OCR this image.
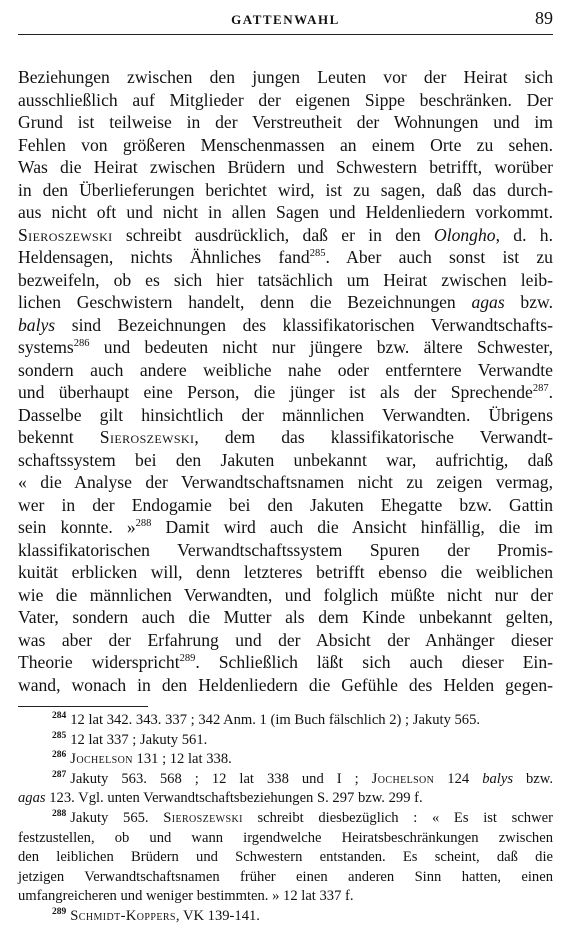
GATTENWAHL	89
Beziehungen zwischen den jungen Leuten vor der Heirat sich
ausschließlich auf Mitglieder der eigenen Sippe beschränken. Der
Grund ist teilweise in der Verstreutheit der Wohnungen und im
Fehlen von größeren Menschenmassen an einem Orte zu sehen.
Was die Heirat zwischen Brüdern und Schwestern betrifft, worüber
in den Überlieferungen berichtet wird, ist zu sagen, daß das durch-
aus nicht oft und nicht in allen Sagen und Heldenliedern vorkommt.
Sieroszewski schreibt ausdrücklich, daß er in den Olongho, d. h.
Heldensagen, nichts Ähnliches fand$^{285}$. Aber auch sonst ist zu
bezweifeln, ob es sich hier tatsächlich um Heirat zwischen leib-
lichen Geschwistern handelt, denn die Bezeichnungen agas bzw.
balys sind Bezeichnungen des klassifikatorischen Verwandtschafts-
systems$^{286}$ und bedeuten nicht nur jüngere bzw. ältere Schwester,
sondern auch andere weibliche nahe oder entferntere Verwandte
und überhaupt eine Person, die jünger ist als der Sprechende$^{287}$.
Dasselbe gilt hinsichtlich der männlichen Verwandten. Übrigens
bekennt Sieroszewski, dem das klassifikatorische Verwandt-
schaftssystem bei den Jakuten unbekannt war, aufrichtig, daß
« die Analyse der Verwandtschaftsnamen nicht zu zeigen vermag,
wer in der Endogamie bei den Jakuten Ehegatte bzw. Gattin
sein konnte. »$^{288}$ Damit wird auch die Ansicht hinfällig, die im
klassifikatorischen Verwandtschaftssystem Spuren der Promis-
kuität erblicken will, denn letzteres betrifft ebenso die weiblichen
wie die männlichen Verwandten, und folglich müßte nicht nur der
Vater, sondern auch die Mutter als dem Kinde unbekannt gelten,
was aber der Erfahrung und der Absicht der Anhänger dieser
Theorie widerspricht$^{289}$. Schließlich läßt sich auch dieser Ein-
wand, wonach in den Heldenliedern die Gefühle des Helden gegen-
$^{284}$ 12 lat 342. 343. 337 ; 342 Anm. 1 (im Buch fälschlich 2) ; Jakuty 565.
$^{285}$ 12 lat 337 ; Jakuty 561.
$^{286}$ Jochelson 131 ; 12 lat 338.
$^{287}$ Jakuty 563. 568 ; 12 lat 338 und I ; Jochelson 124 balys bzw.
agas 123. Vgl. unten Verwandtschaftsbeziehungen S. 297 bzw. 299 f.
$^{288}$ Jakuty 565. Sieroszewski schreibt diesbezüglich : « Es ist schwer
festzustellen, ob und wann irgendwelche Heiratsbeschränkungen zwischen
den leiblichen Brüdern und Schwestern entstanden. Es scheint, daß die
jetzigen Verwandtschaftsnamen früher einen anderen Sinn hatten, einen
umfangreicheren und weniger bestimmten. » 12 lat 337 f.
$^{289}$ Schmidt-Koppers, VK 139-141.
